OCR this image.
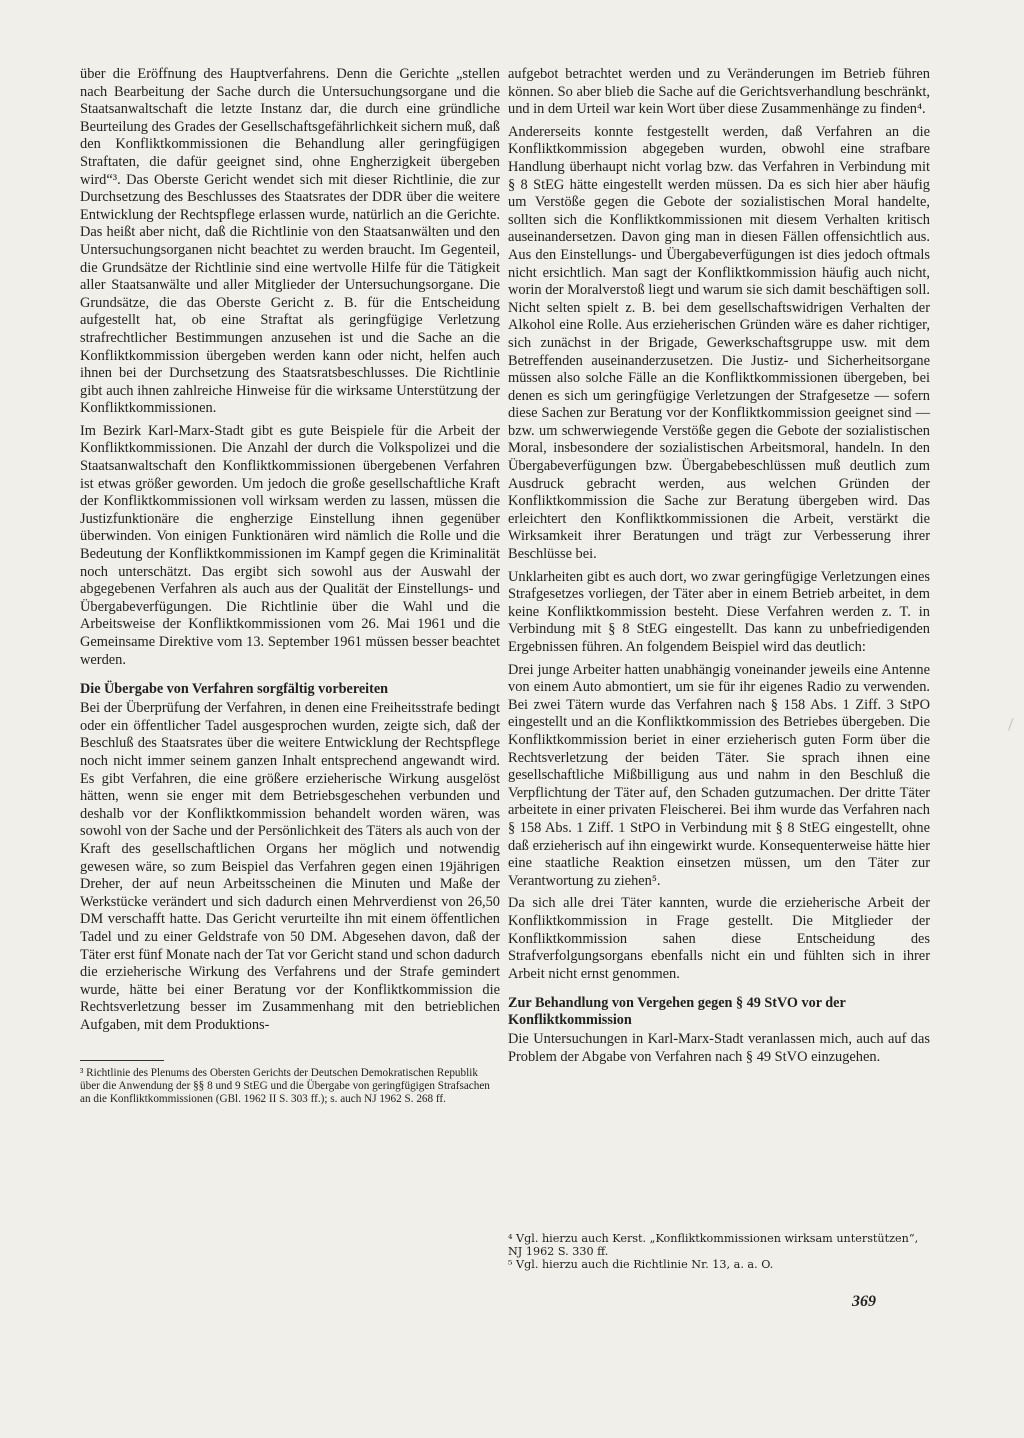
über die Eröffnung des Hauptverfahrens. Denn die Gerichte „stellen nach Bearbeitung der Sache durch die Untersuchungsorgane und die Staatsanwaltschaft die letzte Instanz dar, die durch eine gründliche Beurteilung des Grades der Gesellschaftsgefährlichkeit sichern muß, daß den Konfliktkommissionen die Behandlung aller geringfügigen Straftaten, die dafür geeignet sind, ohne Engherzigkeit übergeben wird“³. Das Oberste Gericht wendet sich mit dieser Richtlinie, die zur Durchsetzung des Beschlusses des Staatsrates der DDR über die weitere Entwicklung der Rechtspflege erlassen wurde, natürlich an die Gerichte. Das heißt aber nicht, daß die Richtlinie von den Staatsanwälten und den Untersuchungsorganen nicht beachtet zu werden braucht. Im Gegenteil, die Grundsätze der Richtlinie sind eine wertvolle Hilfe für die Tätigkeit aller Staatsanwälte und aller Mitglieder der Untersuchungsorgane. Die Grundsätze, die das Oberste Gericht z. B. für die Entscheidung aufgestellt hat, ob eine Straftat als geringfügige Verletzung strafrechtlicher Bestimmungen anzusehen ist und die Sache an die Konfliktkommission übergeben werden kann oder nicht, helfen auch ihnen bei der Durchsetzung des Staatsratsbeschlusses. Die Richtlinie gibt auch ihnen zahlreiche Hinweise für die wirksame Unterstützung der Konfliktkommissionen.

Im Bezirk Karl-Marx-Stadt gibt es gute Beispiele für die Arbeit der Konfliktkommissionen. Die Anzahl der durch die Volkspolizei und die Staatsanwaltschaft den Konfliktkommissionen übergebenen Verfahren ist etwas größer geworden. Um jedoch die große gesellschaftliche Kraft der Konfliktkommissionen voll wirksam werden zu lassen, müssen die Justizfunktionäre die engherzige Einstellung ihnen gegenüber überwinden. Von einigen Funktionären wird nämlich die Rolle und die Bedeutung der Konfliktkommissionen im Kampf gegen die Kriminalität noch unterschätzt. Das ergibt sich sowohl aus der Auswahl der abgegebenen Verfahren als auch aus der Qualität der Einstellungs- und Übergabeverfügungen. Die Richtlinie über die Wahl und die Arbeitsweise der Konfliktkommissionen vom 26. Mai 1961 und die Gemeinsame Direktive vom 13. September 1961 müssen besser beachtet werden.

Die Übergabe von Verfahren sorgfältig vorbereiten

Bei der Überprüfung der Verfahren, in denen eine Freiheitsstrafe bedingt oder ein öffentlicher Tadel ausgesprochen wurden, zeigte sich, daß der Beschluß des Staatsrates über die weitere Entwicklung der Rechtspflege noch nicht immer seinem ganzen Inhalt entsprechend angewandt wird. Es gibt Verfahren, die eine größere erzieherische Wirkung ausgelöst hätten, wenn sie enger mit dem Betriebsgeschehen verbunden und deshalb vor der Konfliktkommission behandelt worden wären, was sowohl von der Sache und der Persönlichkeit des Täters als auch von der Kraft des gesellschaftlichen Organs her möglich und notwendig gewesen wäre, so zum Beispiel das Verfahren gegen einen 19jährigen Dreher, der auf neun Arbeitsscheinen die Minuten und Maße der Werkstücke verändert und sich dadurch einen Mehrverdienst von 26,50 DM verschafft hatte. Das Gericht verurteilte ihn mit einem öffentlichen Tadel und zu einer Geldstrafe von 50 DM. Abgesehen davon, daß der Täter erst fünf Monate nach der Tat vor Gericht stand und schon dadurch die erzieherische Wirkung des Verfahrens und der Strafe gemindert wurde, hätte bei einer Beratung vor der Konfliktkommission die Rechtsverletzung besser im Zusammenhang mit den betrieblichen Aufgaben, mit dem Produktions-

³ Richtlinie des Plenums des Obersten Gerichts der Deutschen Demokratischen Republik über die Anwendung der §§ 8 und 9 StEG und die Übergabe von geringfügigen Strafsachen an die Konfliktkommissionen (GBl. 1962 II S. 303 ff.); s. auch NJ 1962 S. 268 ff.

aufgebot betrachtet werden und zu Veränderungen im Betrieb führen können. So aber blieb die Sache auf die Gerichtsverhandlung beschränkt, und in dem Urteil war kein Wort über diese Zusammenhänge zu finden⁴.

Andererseits konnte festgestellt werden, daß Verfahren an die Konfliktkommission abgegeben wurden, obwohl eine strafbare Handlung überhaupt nicht vorlag bzw. das Verfahren in Verbindung mit § 8 StEG hätte eingestellt werden müssen. Da es sich hier aber häufig um Verstöße gegen die Gebote der sozialistischen Moral handelte, sollten sich die Konfliktkommissionen mit diesem Verhalten kritisch auseinandersetzen. Davon ging man in diesen Fällen offensichtlich aus. Aus den Einstellungs- und Übergabeverfügungen ist dies jedoch oftmals nicht ersichtlich. Man sagt der Konfliktkommission häufig auch nicht, worin der Moralverstoß liegt und warum sie sich damit beschäftigen soll. Nicht selten spielt z. B. bei dem gesellschaftswidrigen Verhalten der Alkohol eine Rolle. Aus erzieherischen Gründen wäre es daher richtiger, sich zunächst in der Brigade, Gewerkschaftsgruppe usw. mit dem Betreffenden auseinanderzusetzen. Die Justiz- und Sicherheitsorgane müssen also solche Fälle an die Konfliktkommissionen übergeben, bei denen es sich um geringfügige Verletzungen der Strafgesetze — sofern diese Sachen zur Beratung vor der Konfliktkommission geeignet sind — bzw. um schwerwiegende Verstöße gegen die Gebote der sozialistischen Moral, insbesondere der sozialistischen Arbeitsmoral, handeln. In den Übergabeverfügungen bzw. Übergabebeschlüssen muß deutlich zum Ausdruck gebracht werden, aus welchen Gründen der Konfliktkommission die Sache zur Beratung übergeben wird. Das erleichtert den Konfliktkommissionen die Arbeit, verstärkt die Wirksamkeit ihrer Beratungen und trägt zur Verbesserung ihrer Beschlüsse bei.

Unklarheiten gibt es auch dort, wo zwar geringfügige Verletzungen eines Strafgesetzes vorliegen, der Täter aber in einem Betrieb arbeitet, in dem keine Konfliktkommission besteht. Diese Verfahren werden z. T. in Verbindung mit § 8 StEG eingestellt. Das kann zu unbefriedigenden Ergebnissen führen. An folgendem Beispiel wird das deutlich:

Drei junge Arbeiter hatten unabhängig voneinander jeweils eine Antenne von einem Auto abmontiert, um sie für ihr eigenes Radio zu verwenden. Bei zwei Tätern wurde das Verfahren nach § 158 Abs. 1 Ziff. 3 StPO eingestellt und an die Konfliktkommission des Betriebes übergeben. Die Konfliktkommission beriet in einer erzieherisch guten Form über die Rechtsverletzung der beiden Täter. Sie sprach ihnen eine gesellschaftliche Mißbilligung aus und nahm in den Beschluß die Verpflichtung der Täter auf, den Schaden gutzumachen. Der dritte Täter arbeitete in einer privaten Fleischerei. Bei ihm wurde das Verfahren nach § 158 Abs. 1 Ziff. 1 StPO in Verbindung mit § 8 StEG eingestellt, ohne daß erzieherisch auf ihn eingewirkt wurde. Konsequenterweise hätte hier eine staatliche Reaktion einsetzen müssen, um den Täter zur Verantwortung zu ziehen⁵.

Da sich alle drei Täter kannten, wurde die erzieherische Arbeit der Konfliktkommission in Frage gestellt. Die Mitglieder der Konfliktkommission sahen diese Entscheidung des Strafverfolgungsorgans ebenfalls nicht ein und fühlten sich in ihrer Arbeit nicht ernst genommen.

Zur Behandlung von Vergehen gegen § 49 StVO vor der Konfliktkommission

Die Untersuchungen in Karl-Marx-Stadt veranlassen mich, auch auf das Problem der Abgabe von Verfahren nach § 49 StVO einzugehen.

⁴ Vgl. hierzu auch Kerst. „Konfliktkommissionen wirksam unterstützen“, NJ 1962 S. 330 ff.

⁵ Vgl. hierzu auch die Richtlinie Nr. 13, a. a. O.

369
